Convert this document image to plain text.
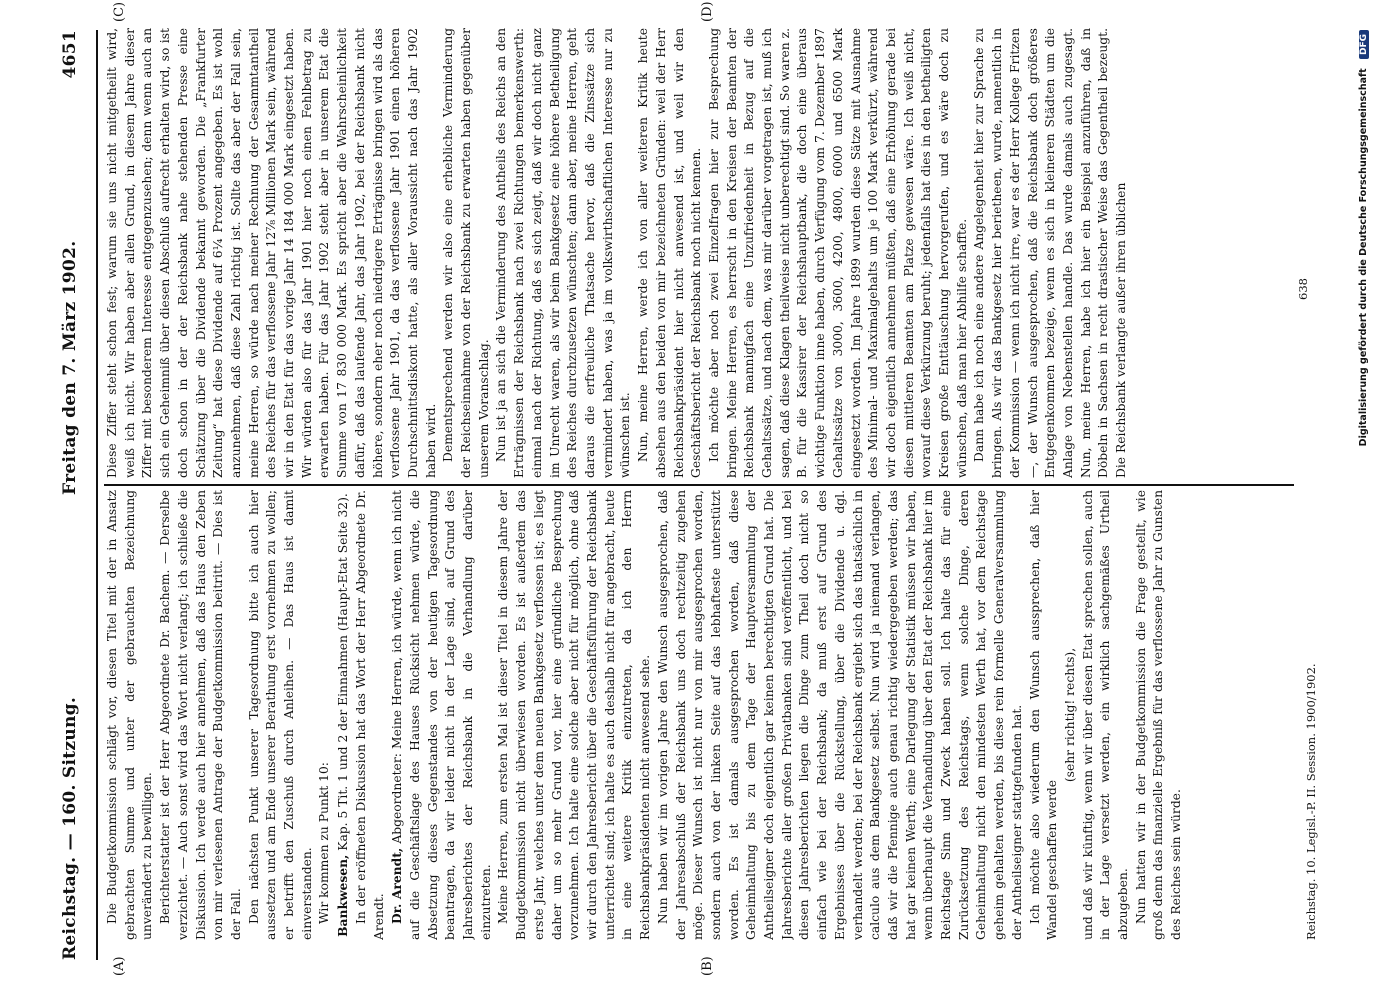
Reichstag. — 160. Sitzung.
Freitag den 7. März 1902.
4651
(A)	(B)
(C)	(D)

Die Budgetkommission schlägt vor, diesen Titel mit der in Ansatz gebrachten Summe und unter der gebrauchten Bezeichnung unverändert zu bewilligen. Berichterstatter ist der Herr Abgeordnete Dr. Bachem. — Derselbe verzichtet. — Auch sonst wird das Wort nicht verlangt; ich schließe die Diskussion. Ich werde auch hier annehmen, daß das Haus den Zeben von mir verlesenen Antrage der Budgetkommission beitritt. — Dies ist der Fall. Den nächsten Punkt unserer Tagesordnung bitte ich auch hier aussetzen und am Ende unserer Berathung erst vornehmen zu wollen; er betrifft den Zuschuß durch Anleihen. — Das Haus ist damit einverstanden. Wir kommen zu Punkt 10: Bankwesen, Kap. 5 Tit. 1 und 2 der Einnahmen (Haupt-Etat Seite 32). In der eröffneten Diskussion hat das Wort der Herr Abgeordnete Dr. Arendt. Dr. Arendt, Abgeordneter: Meine Herren, ich würde, wenn ich nicht auf die Geschäftslage des Hauses Rücksicht nehmen würde, die Absetzung dieses Gegenstandes von der heutigen Tagesordnung beantragen, da wir leider nicht in der Lage sind, auf Grund des Jahresberichtes der Reichsbank in die Verhandlung darüber einzutreten. Meine Herren, zum ersten Mal ist dieser Titel in diesem Jahre der Budgetkommission nicht überwiesen worden. Es ist außerdem das erste Jahr, welches unter dem neuen Bankgesetz verflossen ist; es liegt daher um so mehr Grund vor, hier eine gründliche Besprechung vorzunehmen. Ich halte eine solche aber nicht für möglich, ohne daß wir durch den Jahresbericht über die Geschäftsführung der Reichsbank unterrichtet sind; ich halte es auch deshalb nicht für angebracht, heute in eine weitere Kritik einzutreten, da ich den Herrn Reichsbankpräsidenten nicht anwesend sehe. Nun haben wir im vorigen Jahre den Wunsch ausgesprochen, daß der Jahresabschluß der Reichsbank uns doch rechtzeitig zugehen möge. Dieser Wunsch ist nicht nur von mir ausgesprochen worden, sondern auch von der linken Seite auf das lebhafteste unterstützt worden. Es ist damals ausgesprochen worden, daß diese Geheimhaltung bis zu dem Tage der Hauptversammlung der Antheilseigner doch eigentlich gar keinen berechtigten Grund hat. Die Jahresberichte aller großen Privatbanken sind veröffentlicht, und bei diesen Jahresberichten liegen die Dinge zum Theil doch nicht so einfach wie bei der Reichsbank; da muß erst auf Grund des Ergebnisses über die Rückstellung, über die Dividende u. dgl. verhandelt werden; bei der Reichsbank ergiebt sich das thatsächlich in calculo aus dem Bankgesetz selbst. Nun wird ja niemand verlangen, daß wir die Pfennige auch genau richtig wiedergegeben werden; das hat gar keinen Werth; eine Darlegung der Statistik müssen wir haben, wenn überhaupt die Verhandlung über den Etat der Reichsbank hier im Reichstage Sinn und Zweck haben soll. Ich halte das für eine Zurücksetzung des Reichstags, wenn solche Dinge, deren Geheimhaltung nicht den mindesten Werth hat, vor dem Reichstage geheim gehalten werden, bis diese rein formelle Generalversammlung der Antheilseigner stattgefunden hat. Ich möchte also wiederum den Wunsch aussprechen, daß hier Wandel geschaffen werde

(sehr richtig! rechts), und daß wir künftig, wenn wir über diesen Etat sprechen sollen, auch in der Lage versetzt werden, ein wirklich sachgemäßes Urtheil abzugeben. Nun hatten wir in der Budgetkommission die Frage gestellt, wie groß denn das finanzielle Ergebniß für das verflossene Jahr zu Gunsten des Reiches sein würde.

Diese Ziffer steht schon fest; warum sie uns nicht mitgetheilt wird, weiß ich nicht. Wir haben aber allen Grund, in diesem Jahre dieser Ziffer mit besonderem Interesse entgegenzusehen; denn wenn auch an sich ein Geheimniß über diesen Abschluß aufrecht erhalten wird, so ist doch schon in der der Reichsbank nahe stehenden Presse eine Schätzung über die Dividende bekannt geworden. Die „Frankfurter Zeitung“ hat diese Dividende auf 6¼ Prozent angegeben. Es ist wohl anzunehmen, daß diese Zahl richtig ist. Sollte das aber der Fall sein, meine Herren, so würde nach meiner Rechnung der Gesammtantheil des Reiches für das verflossene Jahr 12⅞ Millionen Mark sein, während wir in den Etat für das vorige Jahr 14 184 000 Mark eingesetzt haben. Wir würden also für das Jahr 1901 hier noch einen Fehlbetrag zu erwarten haben. Für das Jahr 1902 steht aber in unserem Etat die Summe von 17 830 000 Mark. Es spricht aber die Wahrscheinlichkeit dafür, daß das laufende Jahr, das Jahr 1902, bei der Reichsbank nicht höhere, sondern eher noch niedrigere Erträgnisse bringen wird als das verflossene Jahr 1901, da das verflossene Jahr 1901 einen höheren Durchschnittsdiskont hatte, als aller Voraussicht nach das Jahr 1902 haben wird. Dementsprechend werden wir also eine erhebliche Verminderung der Reichseinnahme von der Reichsbank zu erwarten haben gegenüber unserem Voranschlag. Nun ist ja an sich die Verminderung des Antheils des Reichs an den Erträgnissen der Reichsbank nach zwei Richtungen bemerkenswerth: einmal nach der Richtung, daß es sich zeigt, daß wir doch nicht ganz im Unrecht waren, als wir beim Bankgesetz eine höhere Betheiligung des Reiches durchzusetzen wünschten; dann aber, meine Herren, geht daraus die erfreuliche Thatsache hervor, daß die Zinssätze sich vermindert haben, was ja im volkswirthschaftlichen Interesse nur zu wünschen ist. Nun, meine Herren, werde ich von aller weiteren Kritik heute absehen aus den beiden von mir bezeichneten Gründen: weil der Herr Reichsbankpräsident hier nicht anwesend ist, und weil wir den Geschäftsbericht der Reichsbank noch nicht kennen. Ich möchte aber noch zwei Einzelfragen hier zur Besprechung bringen. Meine Herren, es herrscht in den Kreisen der Beamten der Reichsbank mannigfach eine Unzufriedenheit in Bezug auf die Gehaltssätze, und nach dem, was mir darüber vorgetragen ist, muß ich sagen, daß diese Klagen theilweise nicht unberechtigt sind. So waren z. B. für die Kassirer der Reichshauptbank, die doch eine überaus wichtige Funktion inne haben, durch Verfügung vom 7. Dezember 1897 Gehaltssätze von 3000, 3600, 4200, 4800, 6000 und 6500 Mark eingesetzt worden. Im Jahre 1899 wurden diese Sätze mit Ausnahme des Minimal- und Maximalgehalts um je 100 Mark verkürzt, während wir doch eigentlich annehmen müßten, daß eine Erhöhung gerade bei diesen mittleren Beamten am Platze gewesen wäre. Ich weiß nicht, worauf diese Verkürzung beruht; jedenfalls hat dies in den betheiligten Kreisen große Enttäuschung hervorgerufen, und es wäre doch zu wünschen, daß man hier Abhilfe schaffte. Dann habe ich noch eine andere Angelegenheit hier zur Sprache zu bringen. Als wir das Bankgesetz hier berietheen, wurde, namentlich in der Kommission — wenn ich nicht irre, war es der Herr Kollege Fritzen —, der Wunsch ausgesprochen, daß die Reichsbank doch größeres Entgegenkommen bezeige, wenn es sich in kleineren Städten um die Anlage von Nebenstellen handle. Das wurde damals auch zugesagt. Nun, meine Herren, habe ich hier ein Beispiel anzuführen, daß in Döbeln in Sachsen in recht drastischer Weise das Gegentheil bezeugt. Die Reichsbank verlangte außer ihren üblichen

Reichstag. 10. Legisl.-P. II. Session. 1900/1902.
638	Digitalisierung gefördert durch die Deutsche Forschungsgemeinschaft DFG
